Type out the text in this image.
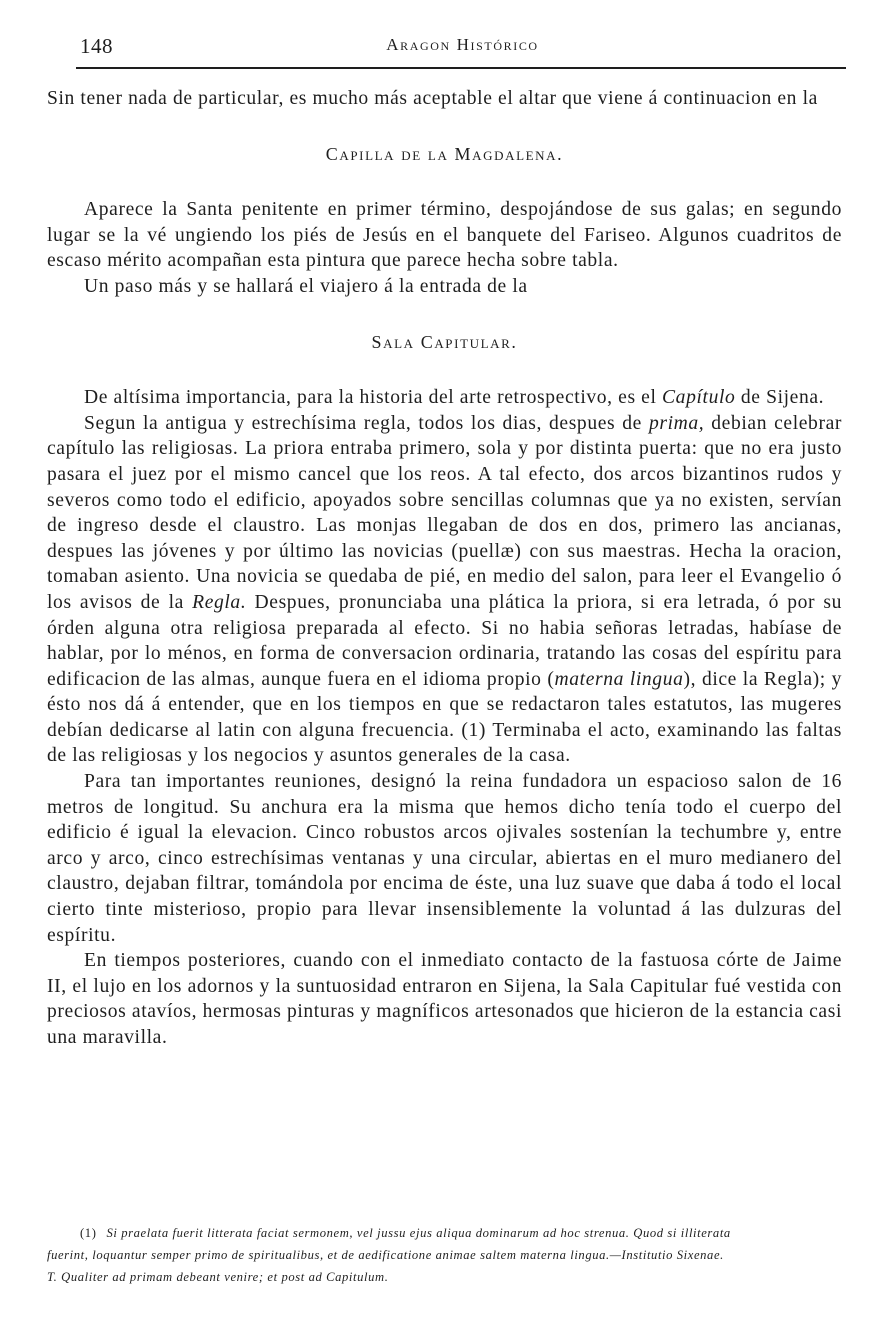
148	Aragon Histórico

Sin tener nada de particular, es mucho más aceptable el altar que viene á continuacion en la

Capilla de la Magdalena.

Aparece la Santa penitente en primer término, despojándose de sus galas; en segundo lugar se la vé ungiendo los piés de Jesús en el banquete del Fariseo. Algunos cuadritos de escaso mérito acompañan esta pintura que parece hecha sobre tabla.

Un paso más y se hallará el viajero á la entrada de la

Sala Capitular.

De altísima importancia, para la historia del arte retrospectivo, es el Capítulo de Sijena.

Segun la antigua y estrechísima regla, todos los dias, despues de prima, debian celebrar capítulo las religiosas. La priora entraba primero, sola y por distinta puerta: que no era justo pasara el juez por el mismo cancel que los reos. A tal efecto, dos arcos bizantinos rudos y severos como todo el edificio, apoyados sobre sencillas columnas que ya no existen, servían de ingreso desde el claustro. Las monjas llegaban de dos en dos, primero las ancianas, despues las jóvenes y por último las novicias (puellæ) con sus maestras. Hecha la oracion, tomaban asiento. Una novicia se quedaba de pié, en medio del salon, para leer el Evangelio ó los avisos de la Regla. Despues, pronunciaba una plática la priora, si era letrada, ó por su órden alguna otra religiosa preparada al efecto. Si no habia señoras letradas, habíase de hablar, por lo ménos, en forma de conversacion ordinaria, tratando las cosas del espíritu para edificacion de las almas, aunque fuera en el idioma propio (materna lingua), dice la Regla); y ésto nos dá á entender, que en los tiempos en que se redactaron tales estatutos, las mugeres debían dedicarse al latin con alguna frecuencia. (1) Terminaba el acto, examinando las faltas de las religiosas y los negocios y asuntos generales de la casa.

Para tan importantes reuniones, designó la reina fundadora un espacioso salon de 16 metros de longitud. Su anchura era la misma que hemos dicho tenía todo el cuerpo del edificio é igual la elevacion. Cinco robustos arcos ojivales sostenían la techumbre y, entre arco y arco, cinco estrechísimas ventanas y una circular, abiertas en el muro medianero del claustro, dejaban filtrar, tomándola por encima de éste, una luz suave que daba á todo el local cierto tinte misterioso, propio para llevar insensiblemente la voluntad á las dulzuras del espíritu.

En tiempos posteriores, cuando con el inmediato contacto de la fastuosa córte de Jaime II, el lujo en los adornos y la suntuosidad entraron en Sijena, la Sala Capitular fué vestida con preciosos atavíos, hermosas pinturas y magníficos artesonados que hicieron de la estancia casi una maravilla.

(1) Si praelata fuerit litterata faciat sermonem, vel jussu ejus aliqua dominarum ad hoc strenua. Quod si illiterata
fuerint, loquantur semper primo de spiritualibus, et de aedificatione animae saltem materna lingua.—Institutio Sixenae.
T. Qualiter ad primam debeant venire; et post ad Capitulum.
